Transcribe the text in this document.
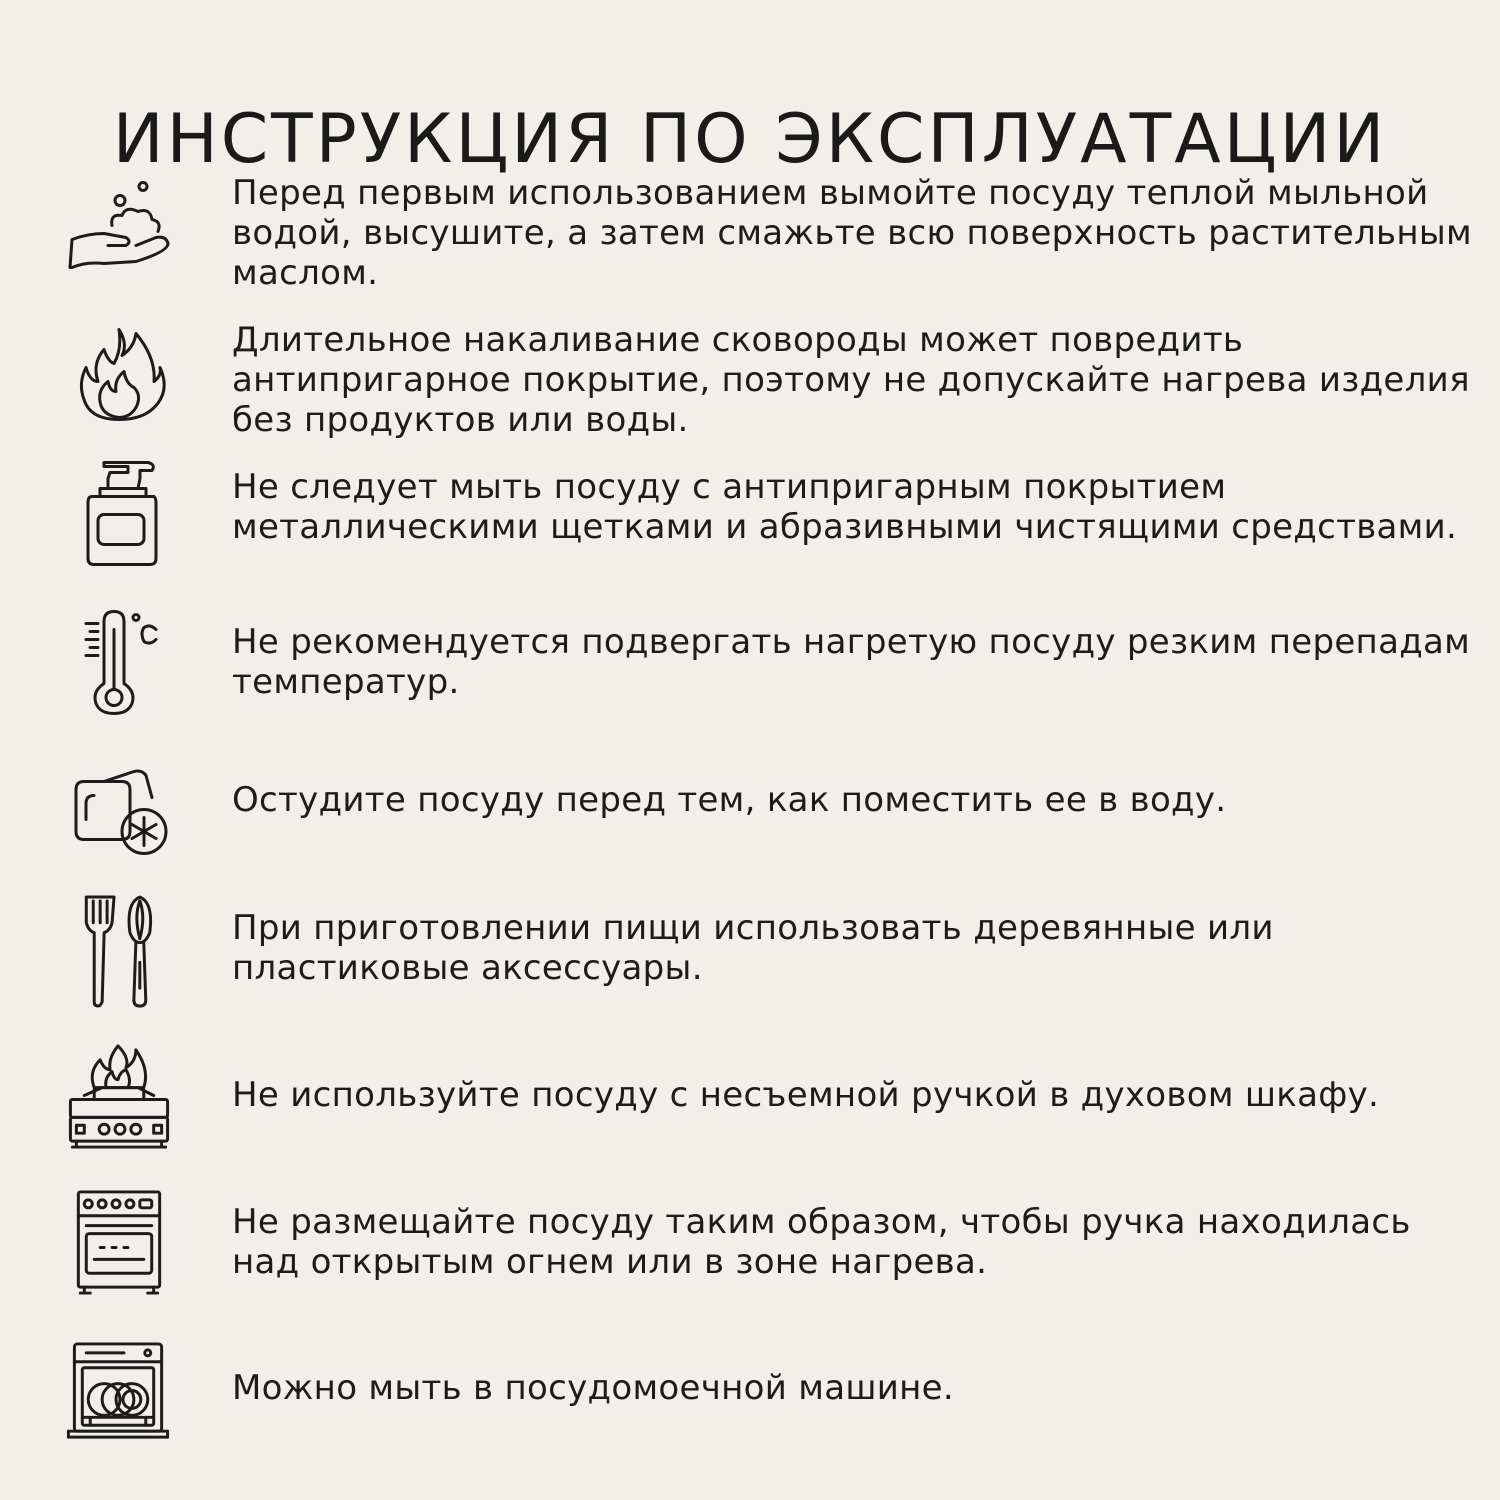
ИНСТРУКЦИЯ ПО ЭКСПЛУАТАЦИИ

Перед первым использованием вымойте посуду теплой мыльной водой, высушите, а затем смажьте всю поверхность растительным маслом.

Длительное накаливание сковороды может повредить антипригарное покрытие, поэтому не допускайте нагрева изделия без продуктов или воды.

Не следует мыть посуду с антипригарным покрытием металлическими щетками и абразивными чистящими средствами.

Не рекомендуется подвергать нагретую посуду резким перепадам температур.

Остудите посуду перед тем, как поместить ее в воду.

При приготовлении пищи использовать деревянные или пластиковые аксессуары.

Не используйте посуду с несъемной ручкой в духовом шкафу.

Не размещайте посуду таким образом, чтобы ручка находилась над открытым огнем или в зоне нагрева.

Можно мыть в посудомоечной машине.
